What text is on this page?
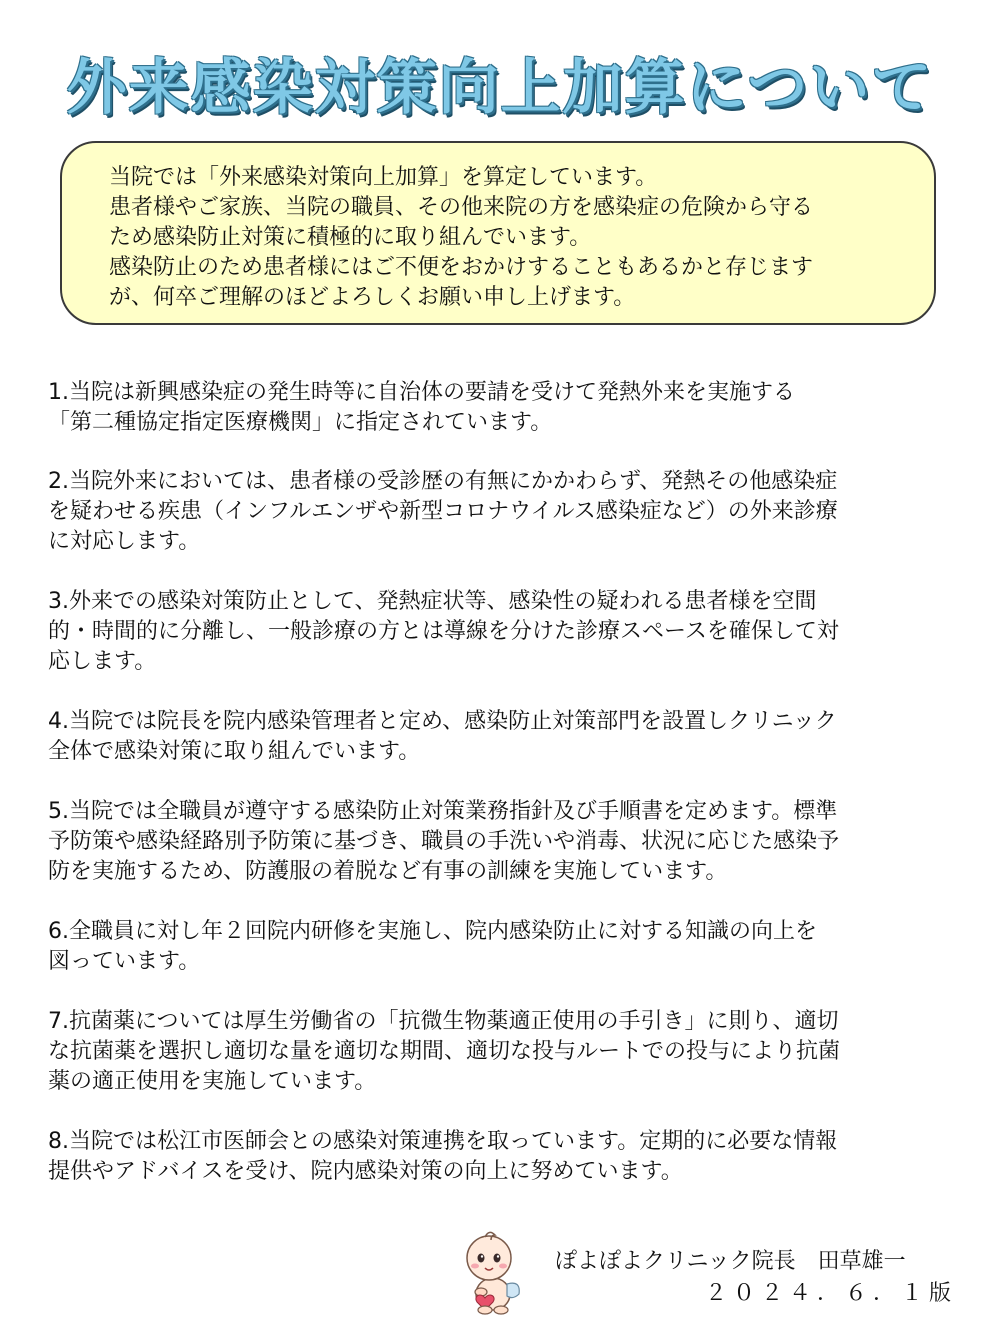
外来感染対策向上加算について
当院では「外来感染対策向上加算」を算定しています。
患者様やご家族、当院の職員、その他来院の方を感染症の危険から守る
ため感染防止対策に積極的に取り組んでいます。
感染防止のため患者様にはご不便をおかけすることもあるかと存じます
が、何卒ご理解のほどよろしくお願い申し上げます。
1.当院は新興感染症の発生時等に自治体の要請を受けて発熱外来を実施する
「第二種協定指定医療機関」に指定されています。
2.当院外来においては、患者様の受診歴の有無にかかわらず、発熱その他感染症
を疑わせる疾患（インフルエンザや新型コロナウイルス感染症など）の外来診療
に対応します。
3.外来での感染対策防止として、発熱症状等、感染性の疑われる患者様を空間
的・時間的に分離し、一般診療の方とは導線を分けた診療スペースを確保して対
応します。
4.当院では院長を院内感染管理者と定め、感染防止対策部門を設置しクリニック
全体で感染対策に取り組んでいます。
5.当院では全職員が遵守する感染防止対策業務指針及び手順書を定めます。標準
予防策や感染経路別予防策に基づき、職員の手洗いや消毒、状況に応じた感染予
防を実施するため、防護服の着脱など有事の訓練を実施しています。
6.全職員に対し年２回院内研修を実施し、院内感染防止に対する知識の向上を
図っています。
7.抗菌薬については厚生労働省の「抗微生物薬適正使用の手引き」に則り、適切
な抗菌薬を選択し適切な量を適切な期間、適切な投与ルートでの投与により抗菌
薬の適正使用を実施しています。
8.当院では松江市医師会との感染対策連携を取っています。定期的に必要な情報
提供やアドバイスを受け、院内感染対策の向上に努めています。
ぽよぽよクリニック院長　田草雄一
２０２４．６．１版
